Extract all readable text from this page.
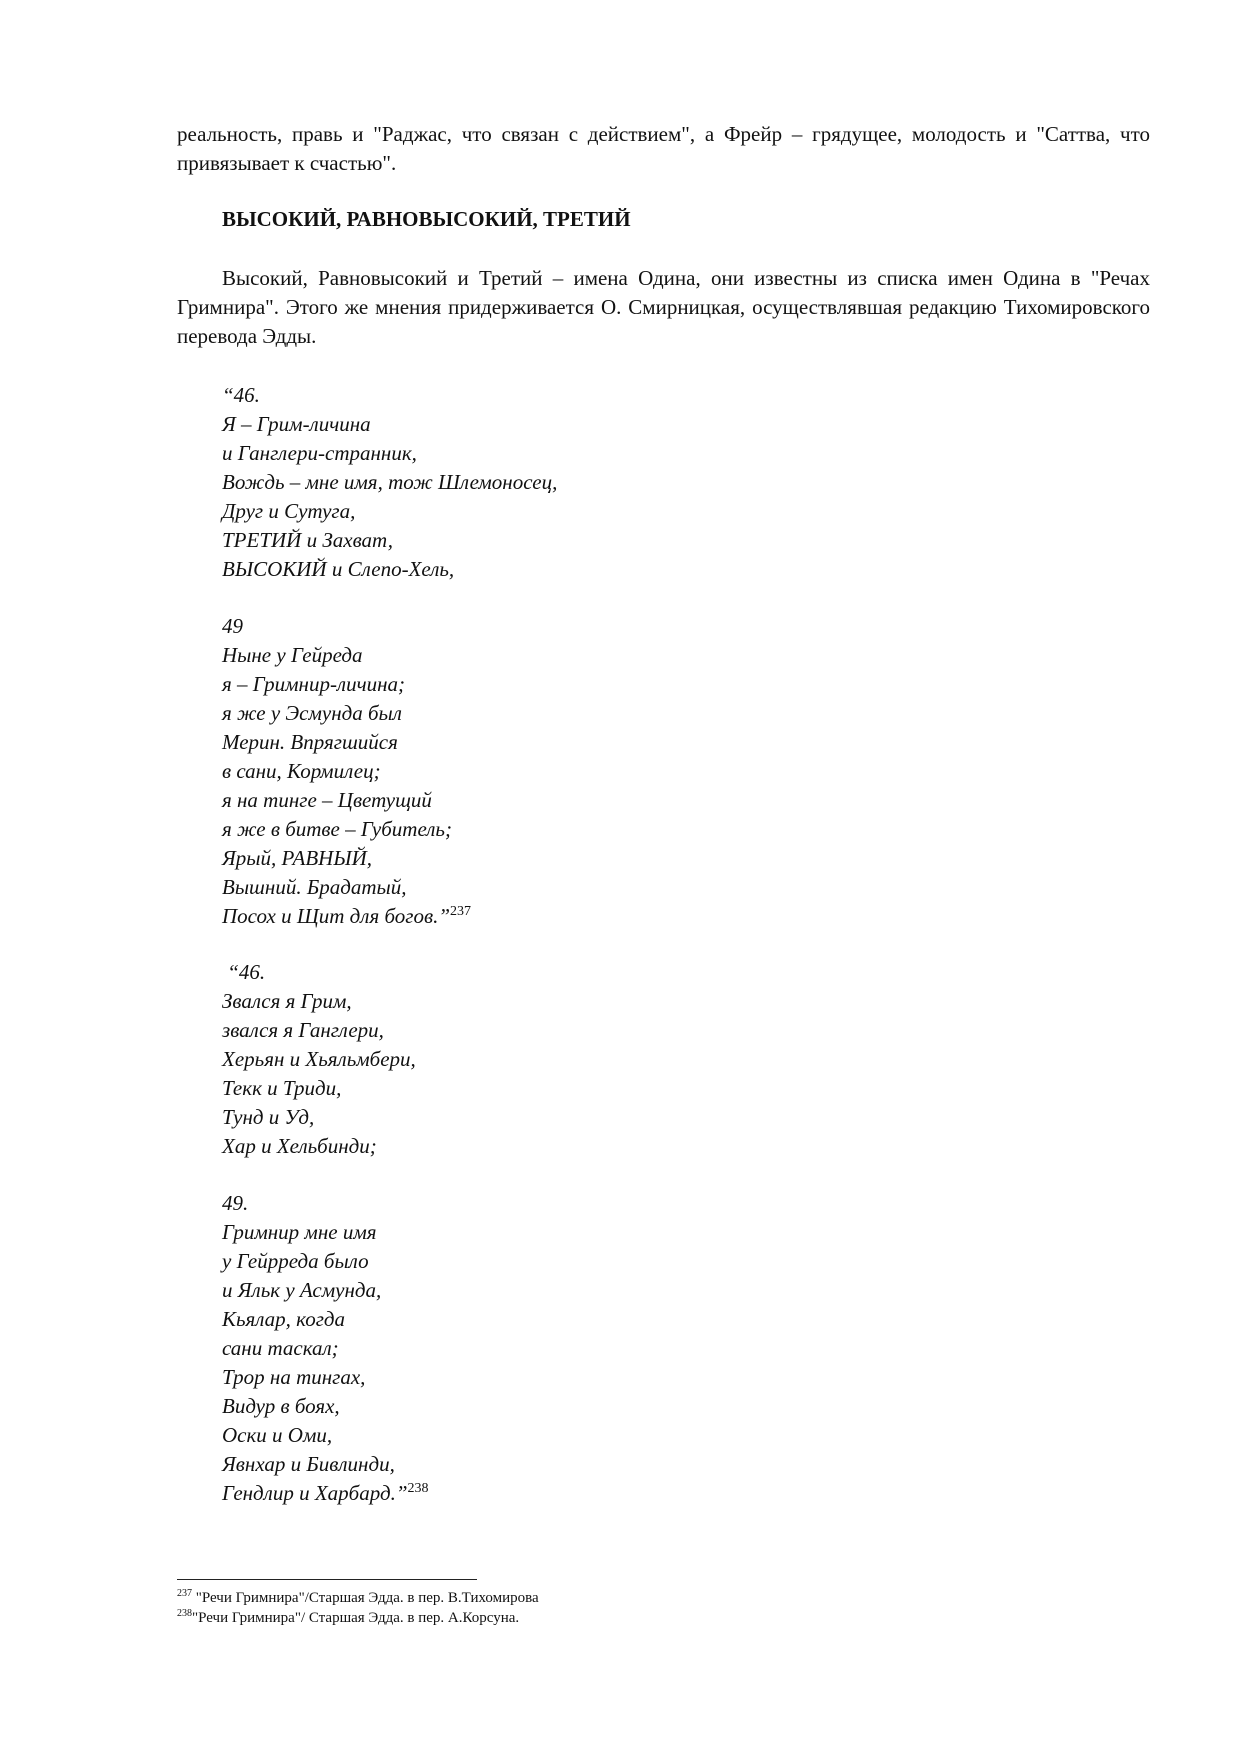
реальность, правь и "Раджас, что связан с действием", а Фрейр – грядущее, молодость и "Саттва, что привязывает к счастью".

ВЫСОКИЙ, РАВНОВЫСОКИЙ, ТРЕТИЙ

Высокий, Равновысокий и Третий – имена Одина, они известны из списка имен Одина в "Речах Гримнира". Этого же мнения придерживается О. Смирницкая, осуществлявшая редакцию Тихомировского перевода Эдды.

“46.
Я – Грим-личина
и Ганглери-странник,
Вождь – мне имя, тож Шлемоносец,
Друг и Сутуга,
ТРЕТИЙ и Захват,
ВЫСОКИЙ и Слепо-Хель,
49
Ныне у Гейреда
я – Гримнир-личина;
я же у Эсмунда был
Мерин. Впрягшийся
в сани, Кормилец;
я на тинге – Цветущий
я же в битве – Губитель;
Ярый, РАВНЫЙ,
Вышний. Брадатый,
Посох и Щит для богов.”$^{237}$
“46.
Звался я Грим,
звался я Ганглери,
Херьян и Хьяльмбери,
Текк и Триди,
Тунд и Уд,
Хар и Хельбинди;
49.
Гримнир мне имя
у Гейрреда было
и Яльк у Асмунда,
Кьялар, когда
сани таскал;
Трор на тингах,
Видур в боях,
Оски и Оми,
Явнхар и Бивлинди,
Гендлир и Харбард.”$^{238}$
$^{237}$ "Речи Гримнира"/Старшая Эдда. в пер. В.Тихомирова
$^{238}$"Речи Гримнира"/ Старшая Эдда. в пер. А.Корсуна.
